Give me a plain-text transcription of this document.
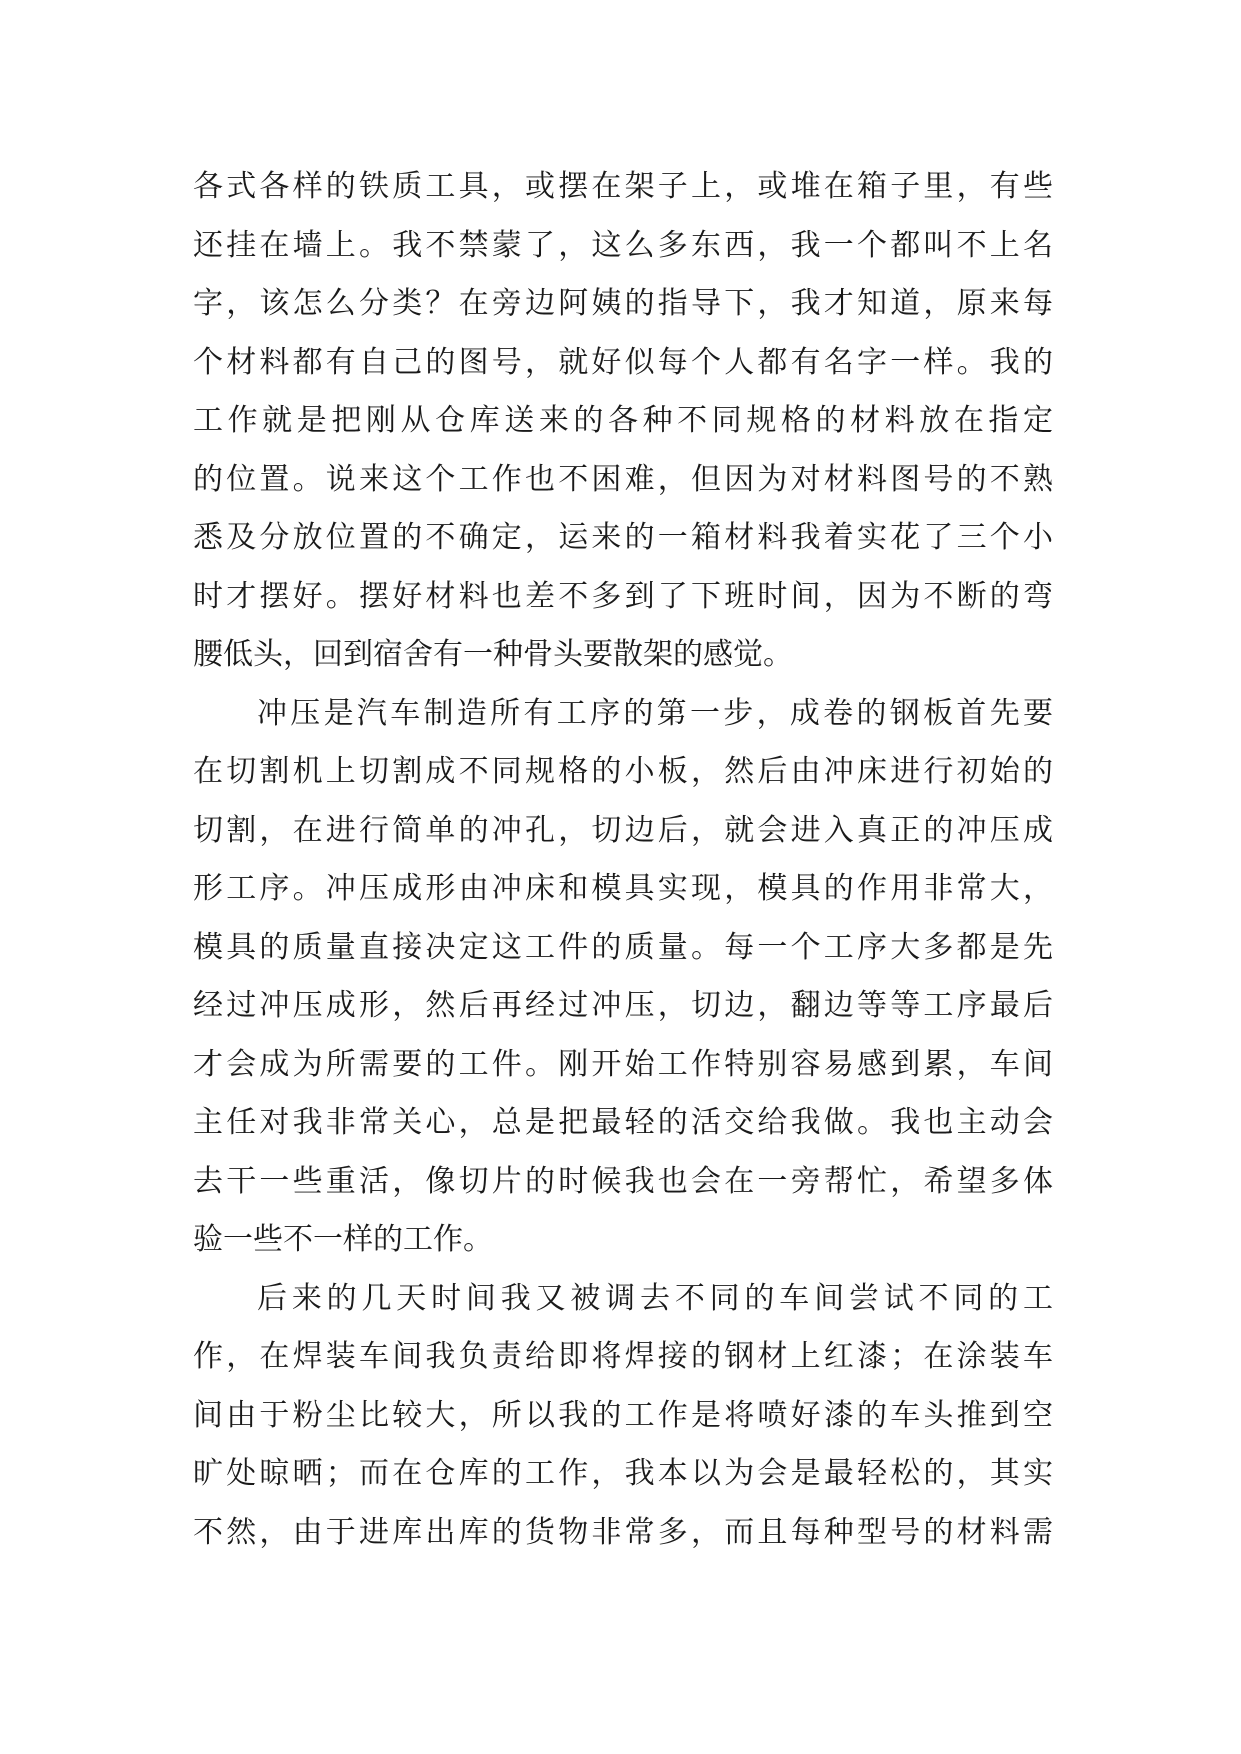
各式各样的铁质工具，或摆在架子上，或堆在箱子里，有些
还挂在墙上。我不禁蒙了，这么多东西，我一个都叫不上名
字，该怎么分类？在旁边阿姨的指导下，我才知道，原来每
个材料都有自己的图号，就好似每个人都有名字一样。我的
工作就是把刚从仓库送来的各种不同规格的材料放在指定
的位置。说来这个工作也不困难，但因为对材料图号的不熟
悉及分放位置的不确定，运来的一箱材料我着实花了三个小
时才摆好。摆好材料也差不多到了下班时间，因为不断的弯
腰低头，回到宿舍有一种骨头要散架的感觉。
冲压是汽车制造所有工序的第一步，成卷的钢板首先要
在切割机上切割成不同规格的小板，然后由冲床进行初始的
切割，在进行简单的冲孔，切边后，就会进入真正的冲压成
形工序。冲压成形由冲床和模具实现，模具的作用非常大，
模具的质量直接决定这工件的质量。每一个工序大多都是先
经过冲压成形，然后再经过冲压，切边，翻边等等工序最后
才会成为所需要的工件。刚开始工作特别容易感到累，车间
主任对我非常关心，总是把最轻的活交给我做。我也主动会
去干一些重活，像切片的时候我也会在一旁帮忙，希望多体
验一些不一样的工作。
后来的几天时间我又被调去不同的车间尝试不同的工
作，在焊装车间我负责给即将焊接的钢材上红漆；在涂装车
间由于粉尘比较大，所以我的工作是将喷好漆的车头推到空
旷处晾晒；而在仓库的工作，我本以为会是最轻松的，其实
不然，由于进库出库的货物非常多，而且每种型号的材料需
